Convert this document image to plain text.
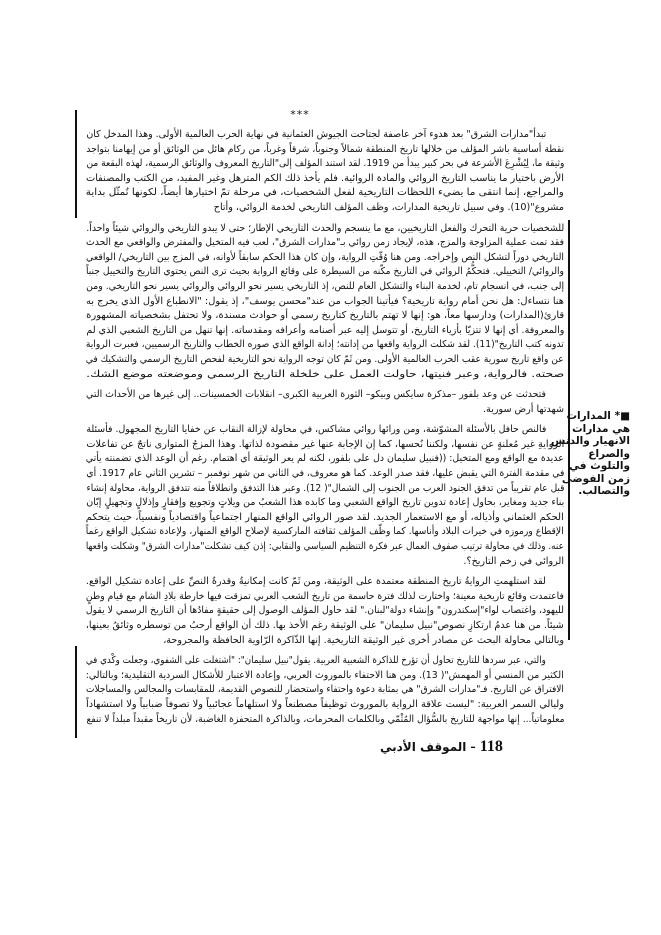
***
تبدأ"مدارات الشرق" بعد هدوء آخر عاصفة لجتاحت الجيوش العثمانية في نهاية الحرب العالمية الأولى. وهذا المدخل كان
نقطة أساسية باشر المؤلف من خلالها تاريخ المنطقة شمالاً وجنوباً، شرقاً وغرباً، من ركام هائل من الوثائق أو من إيهامنا بتواجد
وثيقة ما، لِيُشْرِعَ الأشرعة في بحر كبير يبدأ من 1919. لقد استند المؤلف إلى"التاريخ المعروف والوثائق الرسمية، لهذه البقعة من
الأرض باختيار ما يناسب التاريخ الروائي والمادة الروائية. فلم يأخذ ذلك الكم المترهل وغير المفيد، من الكتب والمصنفات
والمراجع، إنما انتقى ما يضيء اللحظات التاريخية لفعل الشخصيات، في مرحلة تمّ اختيارها أيضاً، لكونها تُمثّل بداية
مشروع"(10). وفي سبيل تاريخية المدارات، وظف المؤلف التاريخي لخدمة الروائي، وأتاح
للشخصيات حرية التحرك والفعل التاريخيين، مع ما ينسجم والحدث التاريخي الإطار؛ حتى لا يبدو التاريخي والروائي شيئاً واحداً.
فقد تمت عملية المزاوجة والمزج، هذه، لإيجاد زمن روائي بـ"مدارات الشرق"، لعب فيه المتخيل والمفترض والواقعي مع الحدث
التاريخي دوراً لتشكل النص وإخراجه. ومن هنا وُقّتِ الرواية، وإن كان هذا الحكم سابقاً لأوانه، في المزج بين التاريخي/ الواقعي
والروائي/ التخييلي. فتحكُّمُ الروائي في التاريخ مكّنه من السيطرة على وقائع الرواية بحيث ترى النص يحتوي التاريخ والتخييل جنباً
إلى جنب، في انسجام تام، لخدمة البناء والتشكل العام للنص، إذ التاريخي يسير نحو الروائي والروائي يسير نحو التاريخي. ومن
هنا نتساءل: هل نحن أمام رواية تاريخية؟ فيأتينا الجواب من عند"محسن يوسف"، إذ يقول: "الانطباع الأول الذي يخرج به
قارئ(المدارات) ودارسها معاً، هو: إنها لا تهتم بالتاريخ كتاريخ رسمي أو حوادث مسندة، ولا تحتفل بشخصياته المشهورة
والمعروفة. أي إنها لا تتزيّا بأزياء التاريخ، أو تتوسل إليه عبر أصنامه وأعرافه ومقدساته. إنها تنهل من التاريخ الشعبي الذي لم
تدونه كتب التاريخ"(11). لقد شكلت الرواية واقعها من إدانته؛ إدانة الواقع الذي صوره الخطاب والتاريخ الرسميين، فعبرت الرواية
عن واقع تاريخ سورية عقب الحرب العالمية الأولى. ومن ثَمّ كان توجه الرواية نحو التاريخية لفحص التاريخ الرسمي والتشكيك في
صحته. فالرواية، وعبر فنيتها، حاولت العمل على خلخلة التاريخ الرسمي وموضعته موضع الشك.
فتحدثت عن وعد بلفور –مذكرة سايكس وبيكو– الثورة العربية الكبرى– انقلابات الخمسينات.. إلى غيرها من الأحداث التي
شهدتها أرض سورية.
فالنص حافل بالأسئلة المشوّشة، ومن ورائها روائي مشاكس، في محاولة لإزالة النقاب عن خفايا التاريخ المجهول. فأسئلة
الروايةِ غير مُعلنةٍ عن نفسها، ولكننا نُحسها، كما إن الإجابة عنها غير مقصودة لذاتها. وهذا المزجُ المتوارى ناتجٌ عن تفاعلات
عديدة مع الواقع ومع المتخيل: ((فنبيل سليمان دل على بلفور، لكنه لم يعر الوثيقة أي اهتمام. رغم أن الوعد الذي تضمنته يأتي
في مقدمة الفترة التي يقبض عليها، فقد صدر الوعد. كما هو معروف، في الثاني من شهر نوفمبر – تشرين الثاني عام 1917. أي
قبل عام تقريباً من تدفق الجنود العرب من الجنوب إلى الشمال"( 12). وعبر هذا التدفق وانطلاقاً منه تتدفق الرواية، محاولة إنشاء
بناء جديد ومغاير، بحاول إعادة تدوين تاريخ الواقع الشعبي وما كابده هذا الشعبُ من ويلاتٍ وتجويع وإفقارٍ وإذلالٍ وتجهيلٍ إبّان
الحكم العثماني وأذياله، أو مع الاستعمار الجديد. لقد صور الروائي الواقع المنهار اجتماعياً واقتصادياً ونفسياً، حيث يتحكم
الإقطاع ورموزه في خيرات البلاد وأناسها. كما وظّف المؤلف ثقافته الماركسية لإصلاح الواقع المنهار، ولإعادة تشكيل الواقع رغماً
عنه. وذلك في محاولة ترتيب صفوف العمال عبر فكرة التنظيم السياسي والنقابي: إذن كيف تشكلت"مدارات الشرق" وشكلت واقعها
الروائي في زخم التاريخ؟.
لقد استلهمتِ الروايةُ تاريخ المنطقة معتمدة على الوثيقة، ومن ثَمّ كانت إمكانيةُ وقدرةُ النصِّ على إعادة تشكيل الواقع.
فاعتمدت وقائع تاريخية معينة؛ واختارت لذلك فترة حاسمة من تاريخ الشعب العربي تمزقت فيها خارطة بلادِ الشام مع قيام وطنٍ
لليهود، واغتصاب لواء"إسكندرون" وإنشاء دولة"لبنان." لقد حاول المؤلف الوصول إلى حقيقةٍ مفادُها أن التاريخ الرسمي لا يقول
شيئاً. من هنا عدمُ ارتكازِ نصوص"نبيل سليمان" على الوثيقة رغم الأخذ بها. ذلك أن الواقع أرحبُ من توسطره وثائقُ بعينها،
وبالتالي محاولة البحث عن مصادر أخرى غير الوثيقة التاريخية. إنها الذّاكرة الرّاوية الحافظة والمجروحة،
والتي، عبر سردها للتاريخ تحاول أن تؤرخ للذاكرة الشعبية العربية. يقول"نبيل سليمان": "اشتغلت على الشفوي، وجعلت وكْدي في
الكثير من المنسي أو المهمش"( 13). ومن هنا الاحتفاء بالموروث العربي، وإعادة الاعتبار للأشكال السردية التقليدية؛ وبالتالي:
الافتراق عن التاريخ. فـ"مدارات الشرق" هي بمثابة دعوة واحتفاء واستحضار للنصوص القديمة، للمقابسات والمجالس والمساجلات
وليالي السمر العربية: "ليست علاقة الرواية بالموروث توظيفاً مصطنعاً ولا استلهاماً عجائبياً ولا تصوفاً ضبابياً ولا استشهاداً
معلوماتياً... إنها مواجهة للتاريخ بالسُّؤال المُثْمّي وبالكلمات المحرمات، وبالذاكرة المتحفزة الغاضبة، لأن تاريخاً مقبداً مبلداً لا تنفع
■* المدارات هي مدارات الانهيار والدنس والصراع والتلوث في زمن الفوضى والتصالب.
118 - الموقف الأدبي
